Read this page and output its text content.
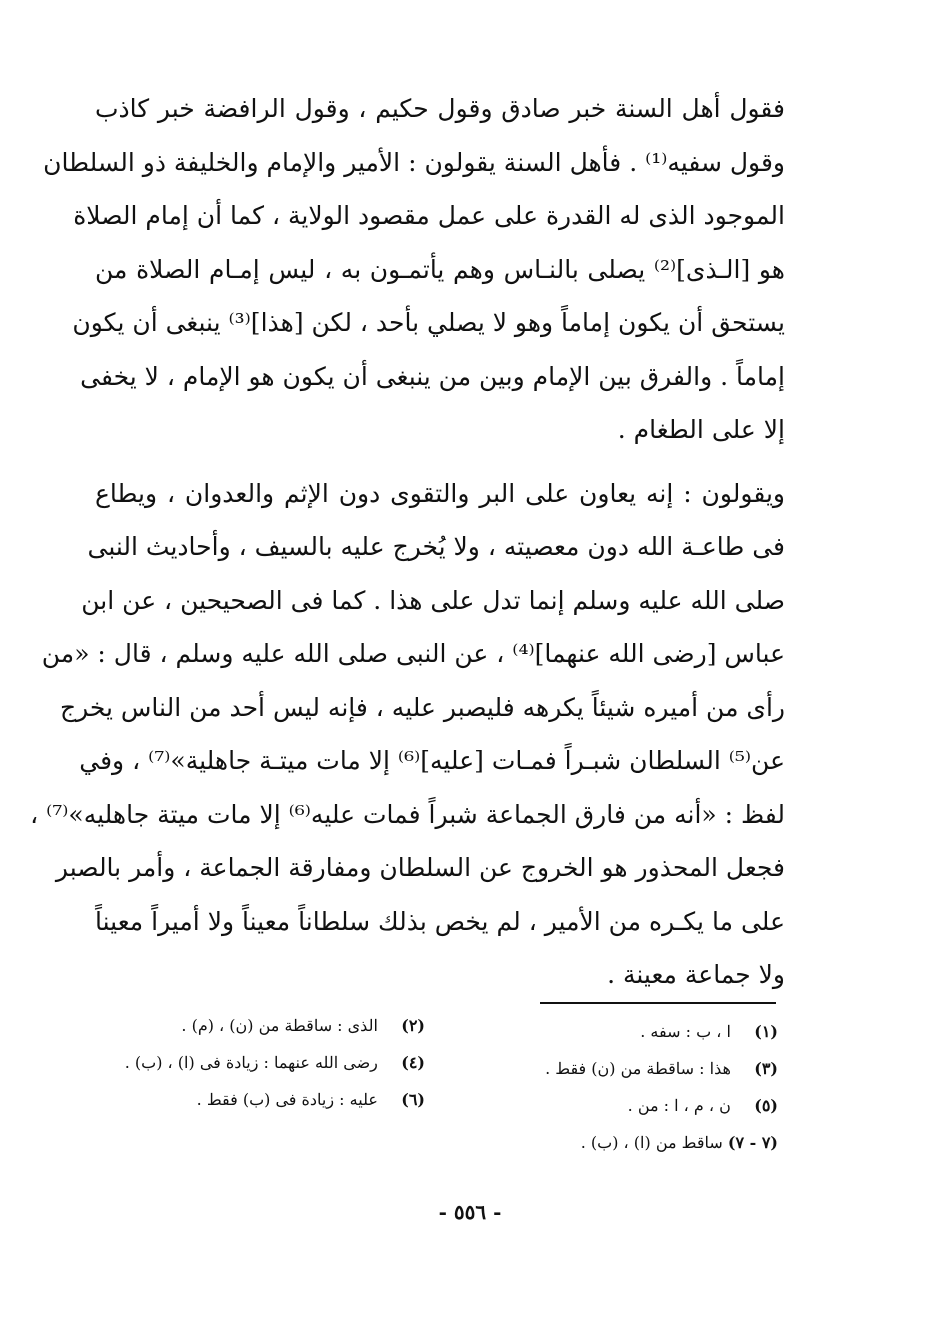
فقول أهل السنة خبر صادق وقول حكيم ، وقول الرافضة خبر كاذب
وقول سفيه⁽¹⁾ . فأهل السنة يقولون : الأمير والإمام والخليفة ذو السلطان
الموجود الذى له القدرة على عمل مقصود الولاية ، كما أن إمام الصلاة
هو [الـذى]⁽²⁾ يصلى بالنـاس وهم يأتمـون به ، ليس إمـام الصلاة من
يستحق أن يكون إماماً وهو لا يصلي بأحد ، لكن [هذا]⁽³⁾ ينبغى أن يكون
إماماً . والفرق بين الإمام وبين من ينبغى أن يكون هو الإمام ، لا يخفى
إلا على الطغام .
ويقولون : إنه يعاون على البر والتقوى دون الإثم والعدوان ، ويطاع
فى طاعـة الله دون معصيته ، ولا يُخرج عليه بالسيف ، وأحاديث النبى
صلى الله عليه وسلم إنما تدل على هذا . كما فى الصحيحين ، عن ابن
عباس [رضى الله عنهما]⁽⁴⁾ ، عن النبى صلى الله عليه وسلم ، قال : «من
رأى من أميره شيئاً يكرهه فليصبر عليه ، فإنه ليس أحد من الناس يخرج
عن⁽⁵⁾ السلطان شبـراً فمـات [عليه]⁽⁶⁾ إلا مات ميتـة جاهلية»⁽⁷⁾ ، وفي
لفظ : «أنه من فارق الجماعة شبراً فمات عليه⁽⁶⁾ إلا مات ميتة جاهليه»⁽⁷⁾ ،
فجعل المحذور هو الخروج عن السلطان ومفارقة الجماعة ، وأمر بالصبر
على ما يكـره من الأمير ، لم يخص بذلك سلطاناً معيناً ولا أميراً معيناً
ولا جماعة معينة .
(١) ا ، ب : سفه .
(٣) هذا : ساقطة من (ن) فقط .
(٥) ن ، م ، ا : من .
(٧ - ٧) ساقط من (ا) ، (ب) .
(٢) الذى : ساقطة من (ن) ، (م) .
(٤) رضى الله عنهما : زيادة فى (ا) ، (ب) .
(٦) عليه : زيادة فى (ب) فقط .
- ٥٥٦ -
